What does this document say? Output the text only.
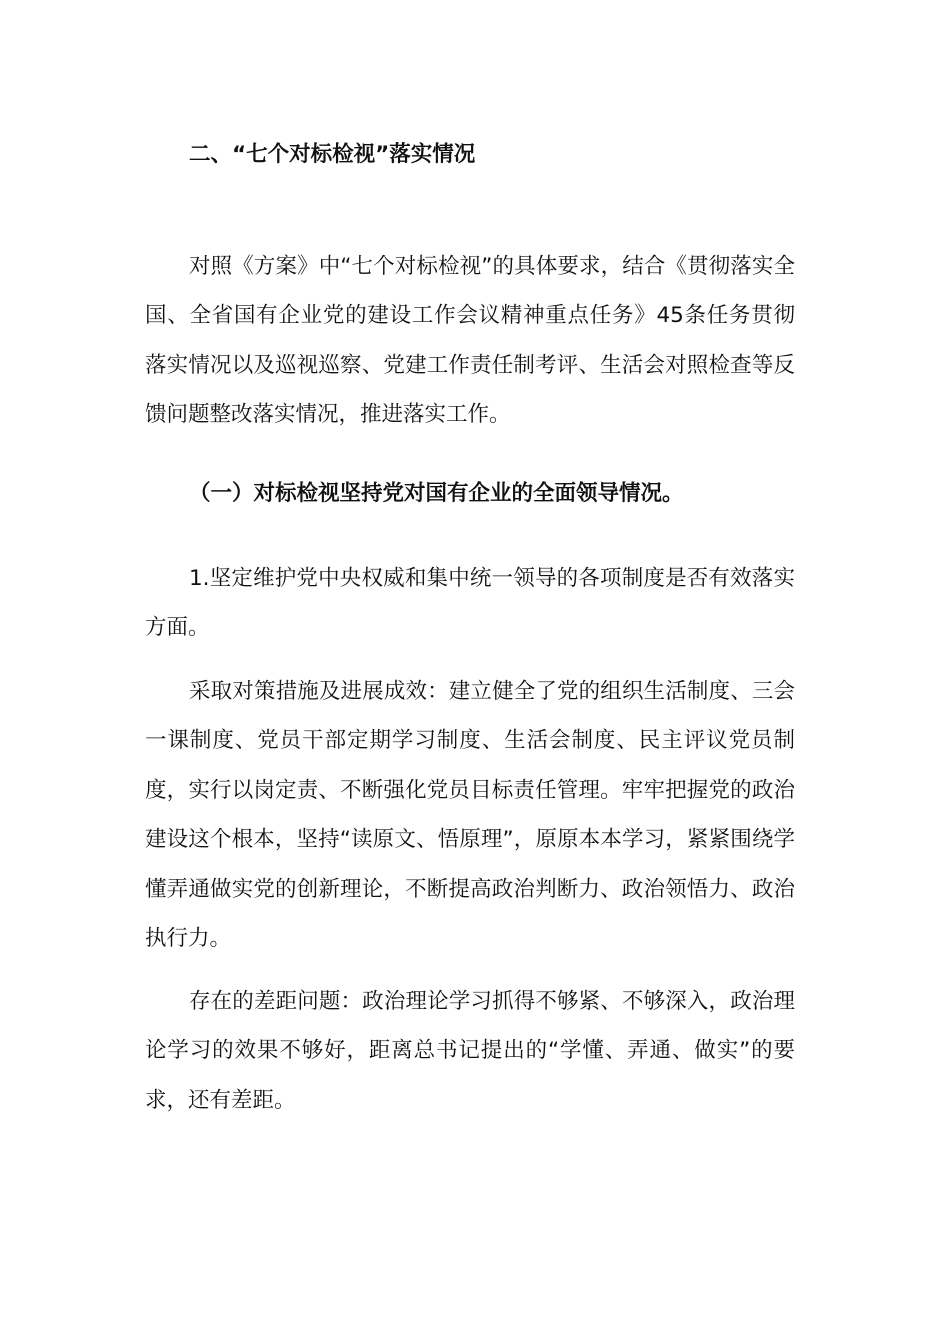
二、“七个对标检视”落实情况

对照《方案》中“七个对标检视”的具体要求，结合《贯彻落实全国、全省国有企业党的建设工作会议精神重点任务》45条任务贯彻落实情况以及巡视巡察、党建工作责任制考评、生活会对照检查等反馈问题整改落实情况，推进落实工作。

（一）对标检视坚持党对国有企业的全面领导情况。

1.坚定维护党中央权威和集中统一领导的各项制度是否有效落实方面。

采取对策措施及进展成效：建立健全了党的组织生活制度、三会一课制度、党员干部定期学习制度、生活会制度、民主评议党员制度，实行以岗定责、不断强化党员目标责任管理。牢牢把握党的政治建设这个根本，坚持“读原文、悟原理”，原原本本学习，紧紧围绕学懂弄通做实党的创新理论，不断提高政治判断力、政治领悟力、政治执行力。

存在的差距问题：政治理论学习抓得不够紧、不够深入，政治理论学习的效果不够好，距离总书记提出的“学懂、弄通、做实”的要求，还有差距。
